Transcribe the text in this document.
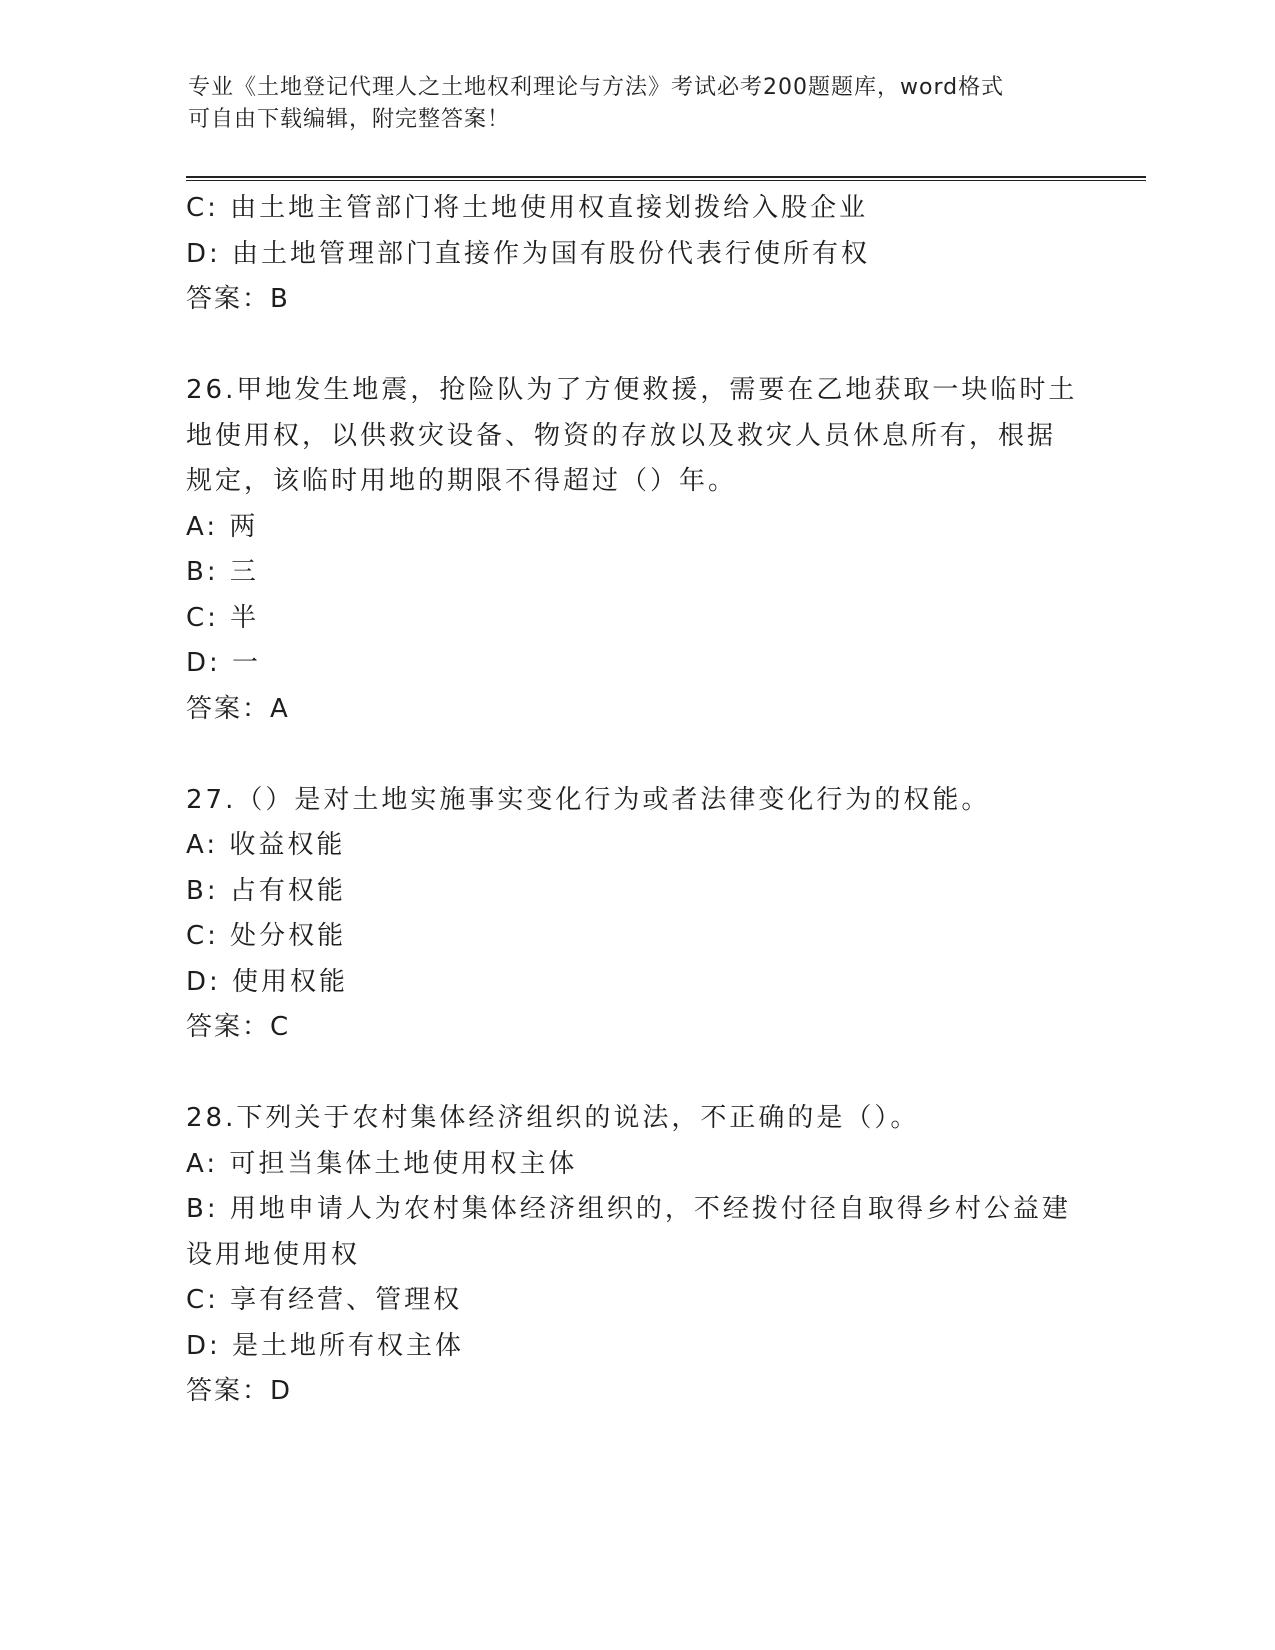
专业《土地登记代理人之土地权利理论与方法》考试必考200题题库，word格式
可自由下载编辑，附完整答案！
C: 由土地主管部门将土地使用权直接划拨给入股企业
D: 由土地管理部门直接作为国有股份代表行使所有权
答案：B
26.甲地发生地震，抢险队为了方便救援，需要在乙地获取一块临时土
地使用权，以供救灾设备、物资的存放以及救灾人员休息所有，根据
规定，该临时用地的期限不得超过（）年。
A: 两
B: 三
C: 半
D: 一
答案：A
27.（）是对土地实施事实变化行为或者法律变化行为的权能。
A: 收益权能
B: 占有权能
C: 处分权能
D: 使用权能
答案：C
28.下列关于农村集体经济组织的说法，不正确的是（）。
A: 可担当集体土地使用权主体
B: 用地申请人为农村集体经济组织的，不经拨付径自取得乡村公益建
设用地使用权
C: 享有经营、管理权
D: 是土地所有权主体
答案：D
